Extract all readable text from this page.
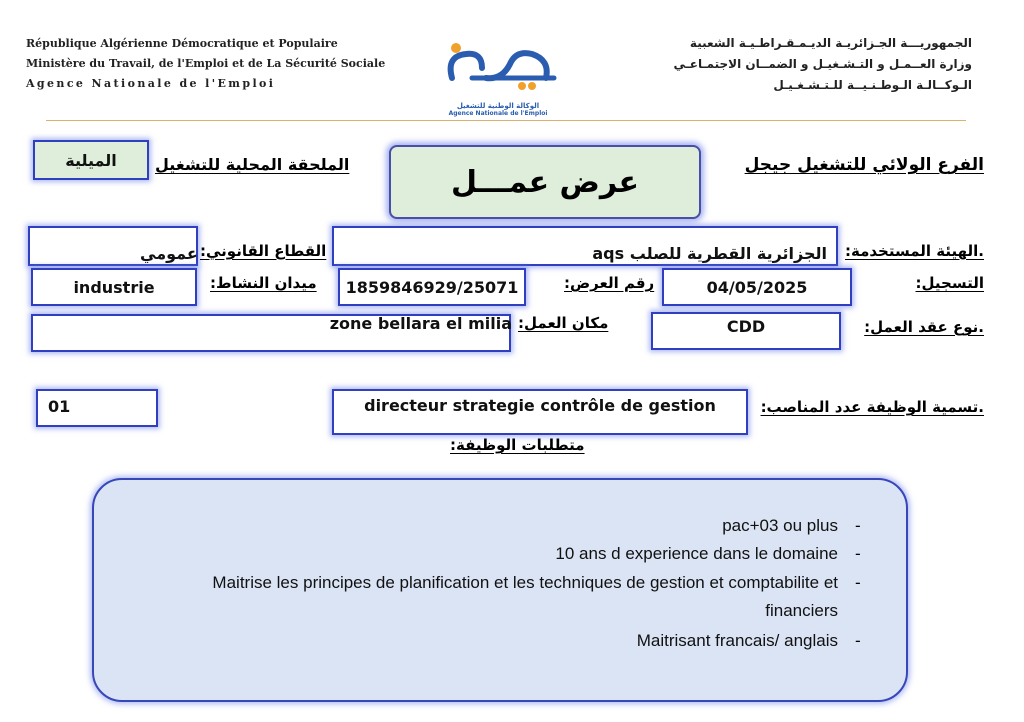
République Algérienne Démocratique et Populaire
Ministère du Travail, de l'Emploi et de La Sécurité Sociale
Agence Nationale de l'Emploi
الوكالة الوطنية للتشغيل
Agence Nationale de l'Emploi
الجمهوريـــة الجـزائريـة الديـمـقـراطـيـة الشعبية
وزارة العــمـل و التـشـغيـل و الضمــان الاجتمـاعـي
الـوكــالـة الـوطـنـيــة للـتـشـغـيـل
الميلية الملحقة المحلية للتشغيل	عرض عمـــل	الفرع الولائي للتشغيل جيجل
عمومي القطاع القانوني:	الجزائرية القطرية للصلب aqs .الهيئة المستخدمة:
industrie	ميدان النشاط: 1859846929/25071	رقم العرض:	04/05/2025	التسجيل:
zone bellara el milia مكان العمل:	CDD	.نوع عقد العمل:
01	directeur strategie contrôle de gestion	.تسمية الوظيفة عدد المناصب:
متطلبات الوظيفة:
pac+03 ou plus -
10 ans d experience dans le domaine -
Maitrise les principes de planification et les techniques de gestion et comptabilite et -
financiers
Maitrisant francais/ anglais -
